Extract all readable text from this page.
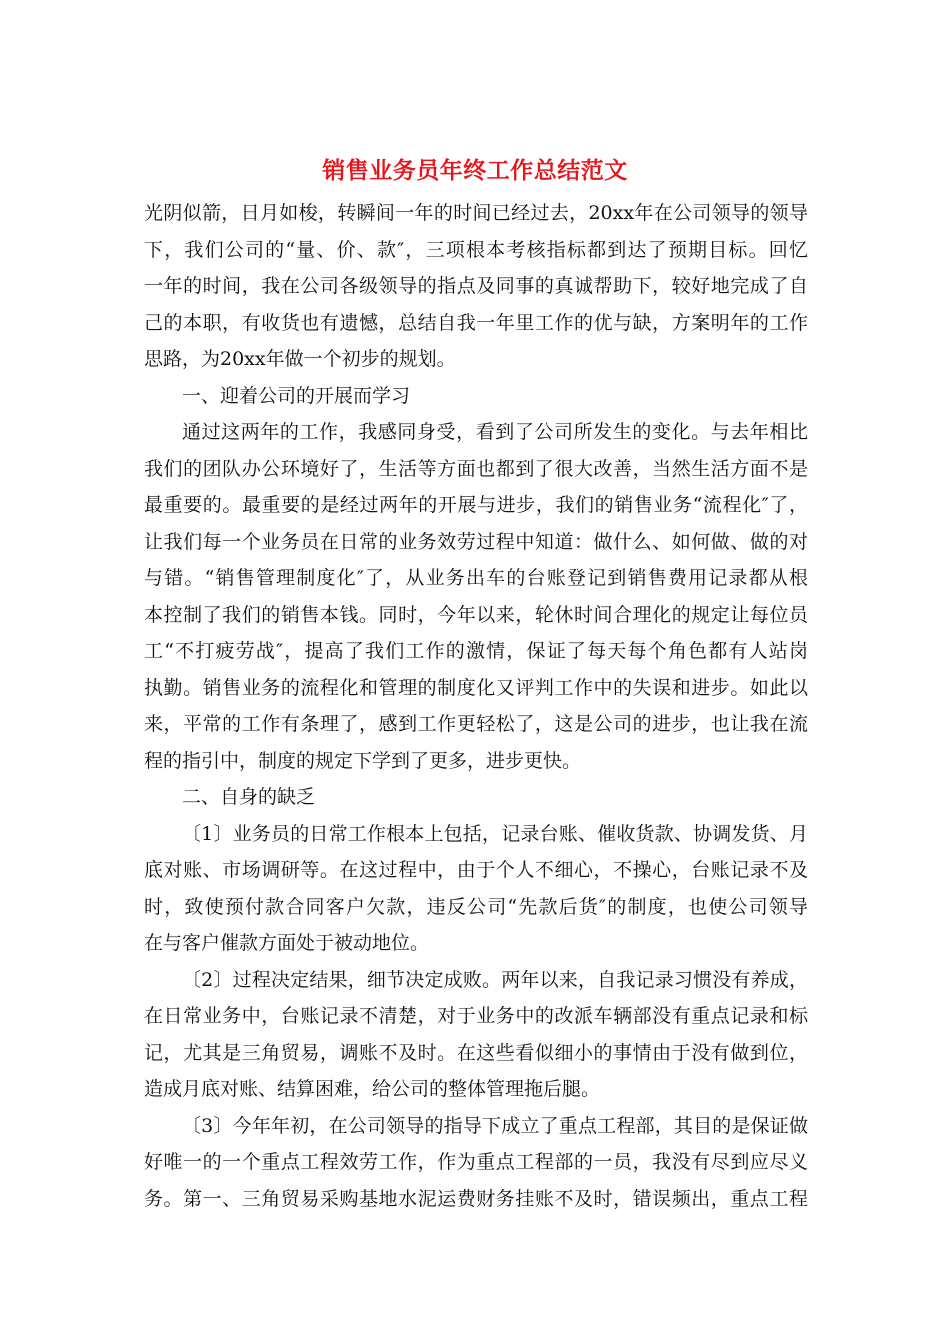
销售业务员年终工作总结范文
光阴似箭，日月如梭，转瞬间一年的时间已经过去，20xx年在公司领导的领导
下，我们公司的“量、价、款″，三项根本考核指标都到达了预期目标。回忆
一年的时间，我在公司各级领导的指点及同事的真诚帮助下，较好地完成了自
己的本职，有收货也有遗憾，总结自我一年里工作的优与缺，方案明年的工作
思路，为20xx年做一个初步的规划。
一、迎着公司的开展而学习
通过这两年的工作，我感同身受，看到了公司所发生的变化。与去年相比
我们的团队办公环境好了，生活等方面也都到了很大改善，当然生活方面不是
最重要的。最重要的是经过两年的开展与进步，我们的销售业务“流程化″了，
让我们每一个业务员在日常的业务效劳过程中知道：做什么、如何做、做的对
与错。“销售管理制度化″了，从业务出车的台账登记到销售费用记录都从根
本控制了我们的销售本钱。同时，今年以来，轮休时间合理化的规定让每位员
工“不打疲劳战″，提高了我们工作的激情，保证了每天每个角色都有人站岗
执勤。销售业务的流程化和管理的制度化又评判工作中的失误和进步。如此以
来，平常的工作有条理了，感到工作更轻松了，这是公司的进步，也让我在流
程的指引中，制度的规定下学到了更多，进步更快。
二、自身的缺乏
〔1〕业务员的日常工作根本上包括，记录台账、催收货款、协调发货、月
底对账、市场调研等。在这过程中，由于个人不细心，不操心，台账记录不及
时，致使预付款合同客户欠款，违反公司“先款后货″的制度，也使公司领导
在与客户催款方面处于被动地位。
〔2〕过程决定结果，细节决定成败。两年以来，自我记录习惯没有养成，
在日常业务中，台账记录不清楚，对于业务中的改派车辆部没有重点记录和标
记，尤其是三角贸易，调账不及时。在这些看似细小的事情由于没有做到位，
造成月底对账、结算困难，给公司的整体管理拖后腿。
〔3〕今年年初，在公司领导的指导下成立了重点工程部，其目的是保证做
好唯一的一个重点工程效劳工作，作为重点工程部的一员，我没有尽到应尽义
务。第一、三角贸易采购基地水泥运费财务挂账不及时，错误频出，重点工程
